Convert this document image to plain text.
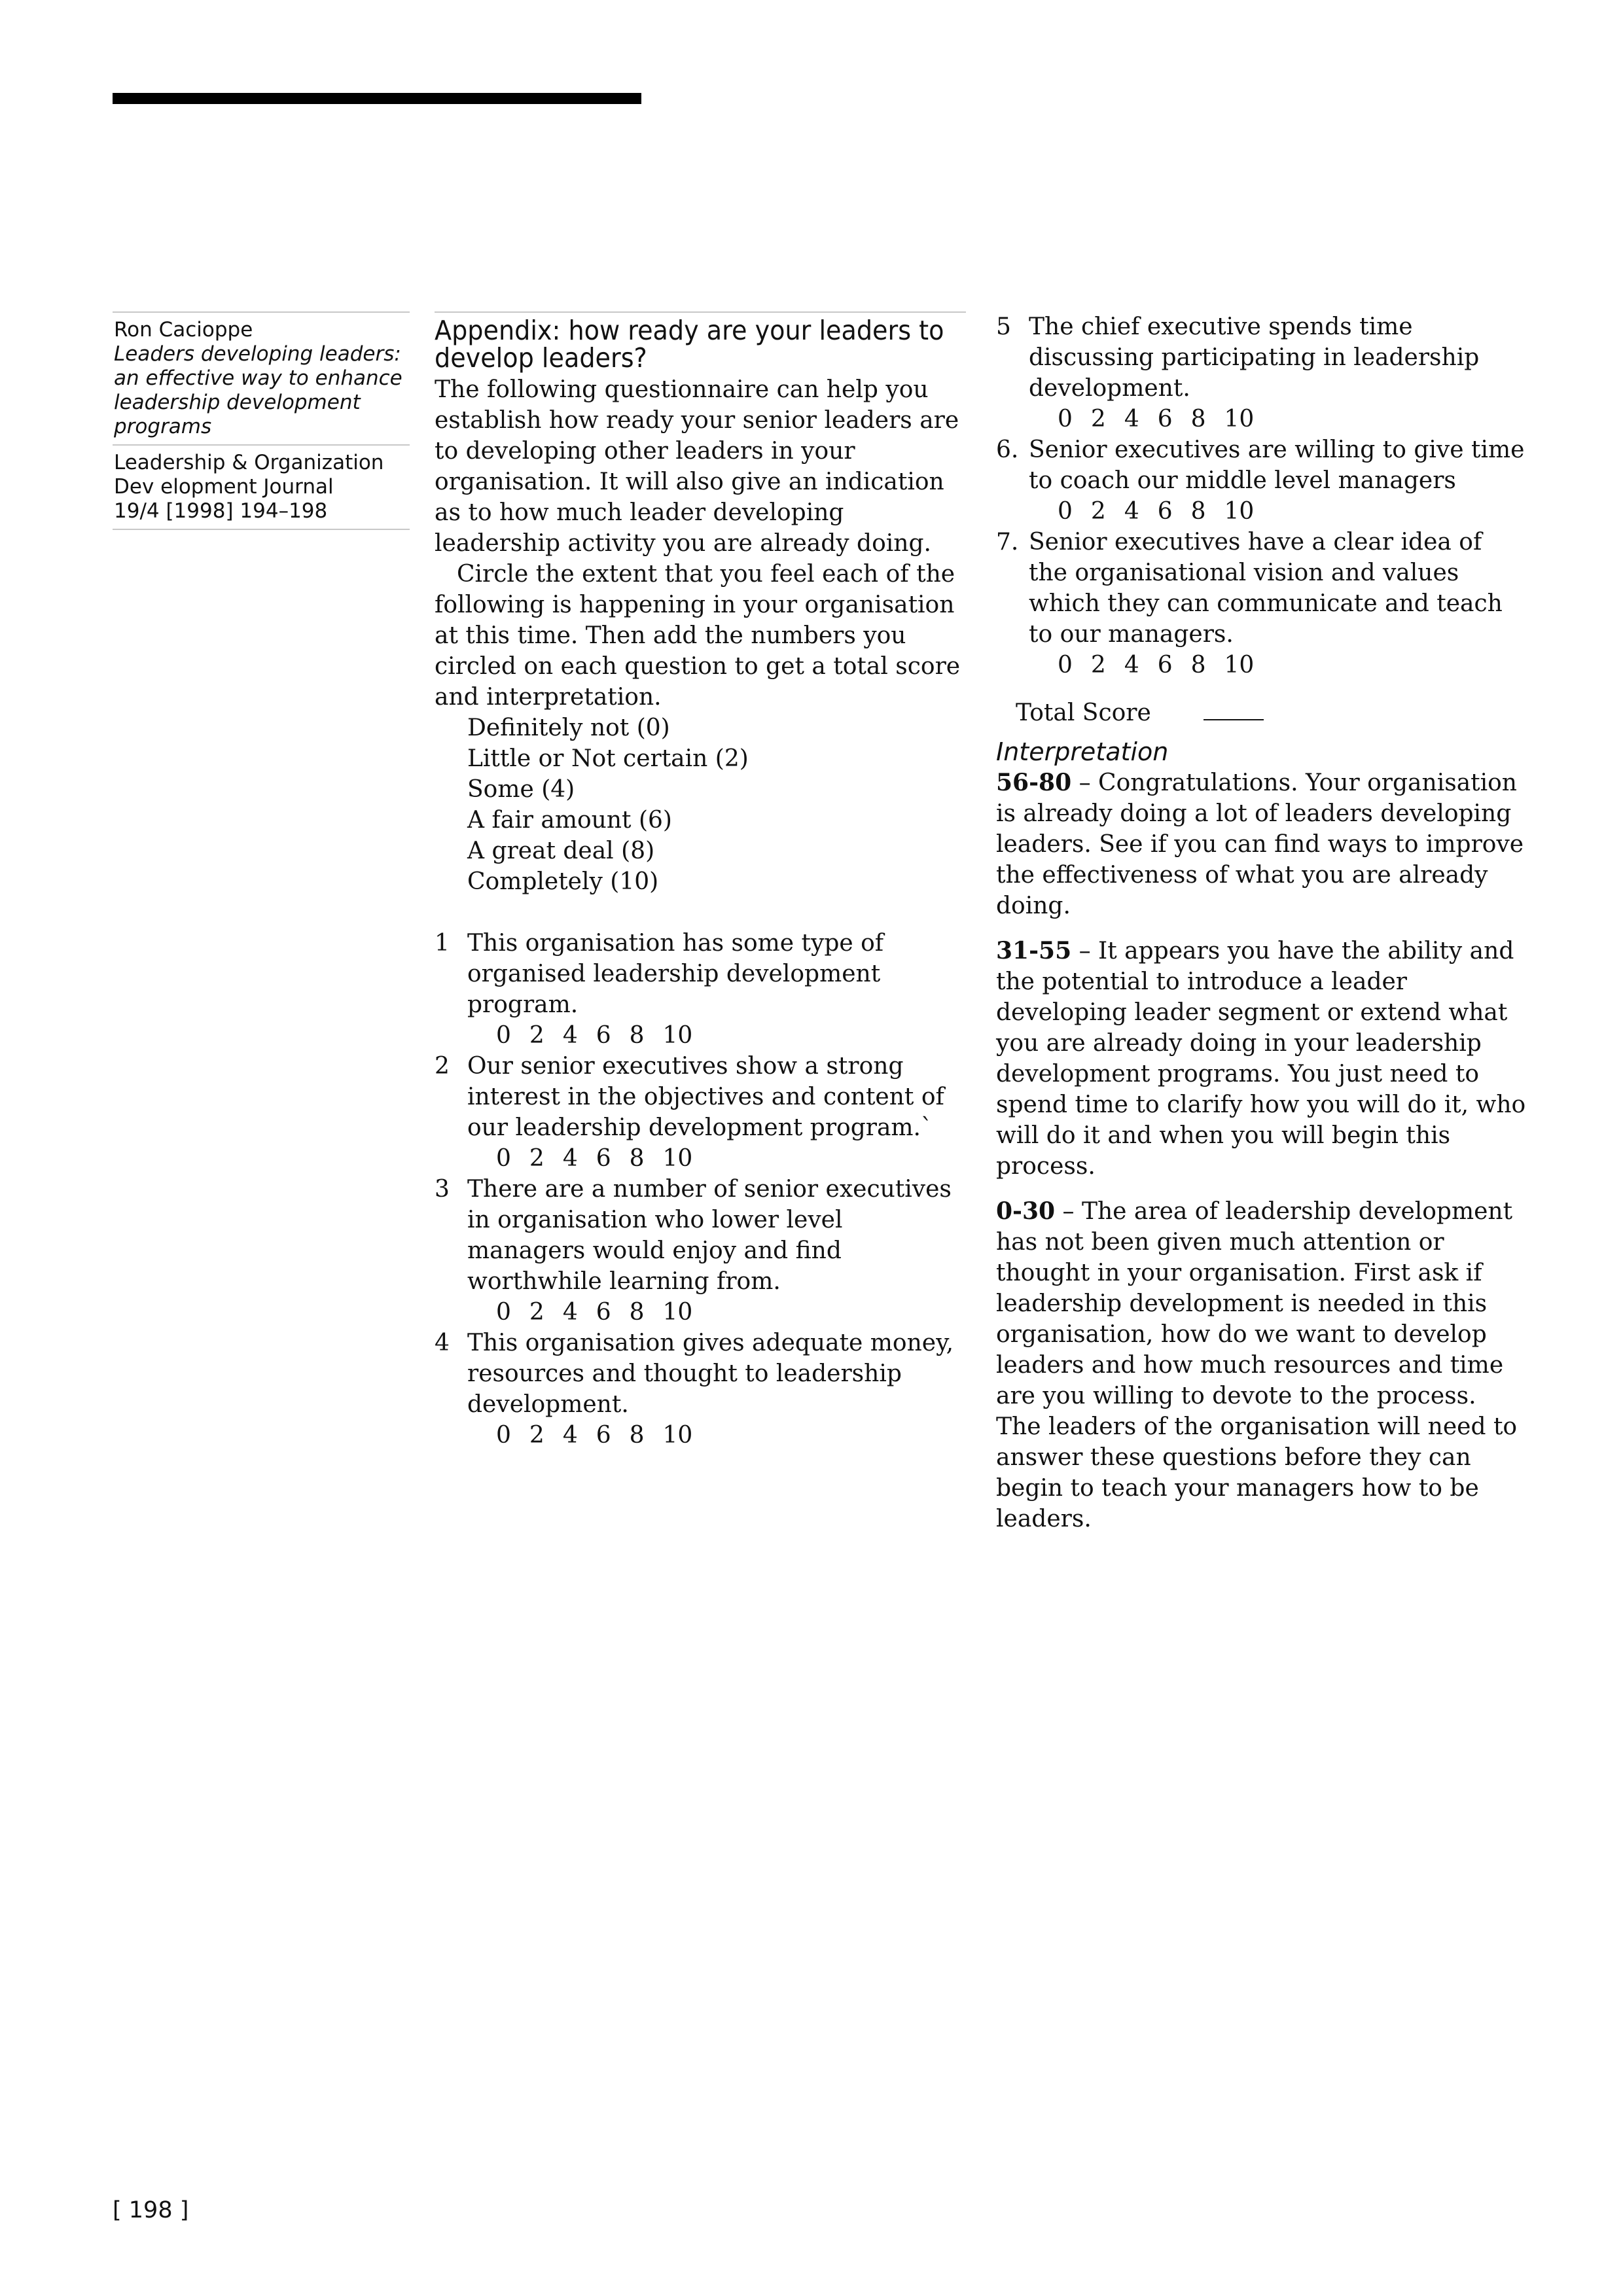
Ron Cacioppe
Leaders developing leaders: an effective way to enhance leadership development programs
Leadership & Organization Dev elopment Journal
19/4 [1998] 194–198
Appendix: how ready are your leaders to develop leaders?

The following questionnaire can help you establish how ready your senior leaders are to developing other leaders in your organisation. It will also give an indication as to how much leader developing leadership activity you are already doing.

Circle the extent that you feel each of the following is happening in your organisation at this time. Then add the numbers you circled on each question to get a total score and interpretation.

Definitely not (0)
Little or Not certain (2)
Some (4)
A fair amount (6)
A great deal (8)
Completely (10)
1 This organisation has some type of organised leadership development program.
0 2 4 6 8 10
2 Our senior executives show a strong interest in the objectives and content of our leadership development program.`
0 2 4 6 8 10
3 There are a number of senior executives in organisation who lower level managers would enjoy and find worthwhile learning from.
0 2 4 6 8 10
4 This organisation gives adequate money, resources and thought to leadership development.
0 2 4 6 8 10
5 The chief executive spends time discussing participating in leadership development.
0 2 4 6 8 10
6. Senior executives are willing to give time to coach our middle level managers
0 2 4 6 8 10
7. Senior executives have a clear idea of the organisational vision and values which they can communicate and teach to our managers.
0 2 4 6 8 10
Total Score
Interpretation

56-80 – Congratulations. Your organisation is already doing a lot of leaders developing leaders. See if you can find ways to improve the effectiveness of what you are already doing.

31-55 – It appears you have the ability and the potential to introduce a leader developing leader segment or extend what you are already doing in your leadership development programs. You just need to spend time to clarify how you will do it, who will do it and when you will begin this process.

0-30 – The area of leadership development has not been given much attention or thought in your organisation. First ask if leadership development is needed in this organisation, how do we want to develop leaders and how much resources and time are you willing to devote to the process. The leaders of the organisation will need to answer these questions before they can begin to teach your managers how to be leaders.

[ 198 ]
